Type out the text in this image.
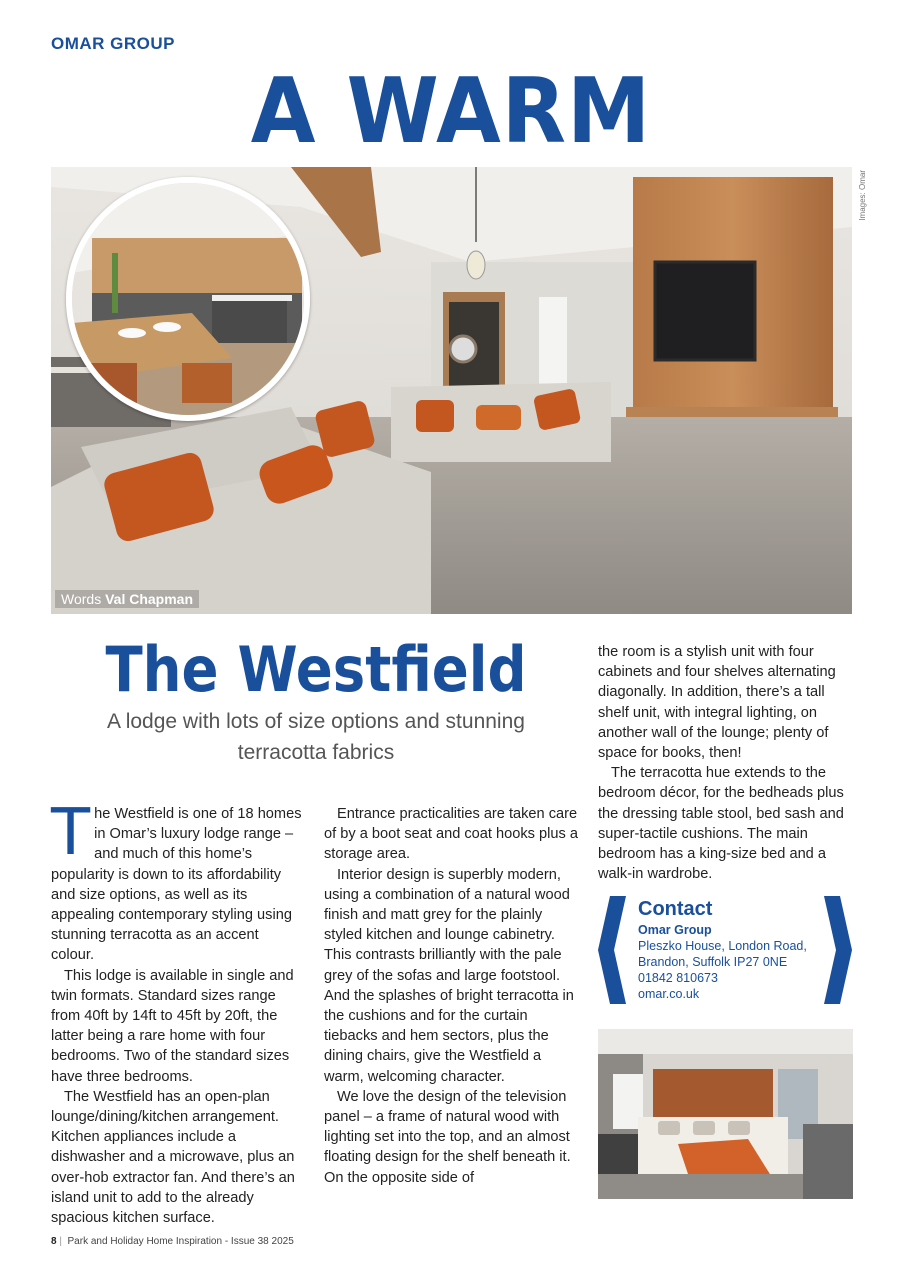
OMAR GROUP
A WARM
Images: Omar
Words Val Chapman
The Westfield
A lodge with lots of size options and stunning terracotta fabrics

The Westfield is one of 18 homes in Omar’s luxury lodge range – and much of this home’s popularity is down to its affordability and size options, as well as its appealing contemporary styling using stunning terracotta as an accent colour.

This lodge is available in single and twin formats. Standard sizes range from 40ft by 14ft to 45ft by 20ft, the latter being a rare home with four bedrooms. Two of the standard sizes have three bedrooms.

The Westfield has an open-plan lounge/dining/kitchen arrangement. Kitchen appliances include a dishwasher and a microwave, plus an over-hob extractor fan. And there’s an island unit to add to the already spacious kitchen surface.

Entrance practicalities are taken care of by a boot seat and coat hooks plus a storage area.

Interior design is superbly modern, using a combination of a natural wood finish and matt grey for the plainly styled kitchen and lounge cabinetry. This contrasts brilliantly with the pale grey of the sofas and large footstool. And the splashes of bright terracotta in the cushions and for the curtain tiebacks and hem sectors, plus the dining chairs, give the Westfield a warm, welcoming character.

We love the design of the television panel – a frame of natural wood with lighting set into the top, and an almost floating design for the shelf beneath it. On the opposite side of

the room is a stylish unit with four cabinets and four shelves alternating diagonally. In addition, there’s a tall shelf unit, with integral lighting, on another wall of the lounge; plenty of space for books, then!

The terracotta hue extends to the bedroom décor, for the bedheads plus the dressing table stool, bed sash and super-tactile cushions. The main bedroom has a king-size bed and a walk-in wardrobe.

Contact
Omar Group
Pleszko House, London Road, Brandon, Suffolk IP27 0NE
01842 810673
omar.co.uk
8 | Park and Holiday Home Inspiration - Issue 38 2025
